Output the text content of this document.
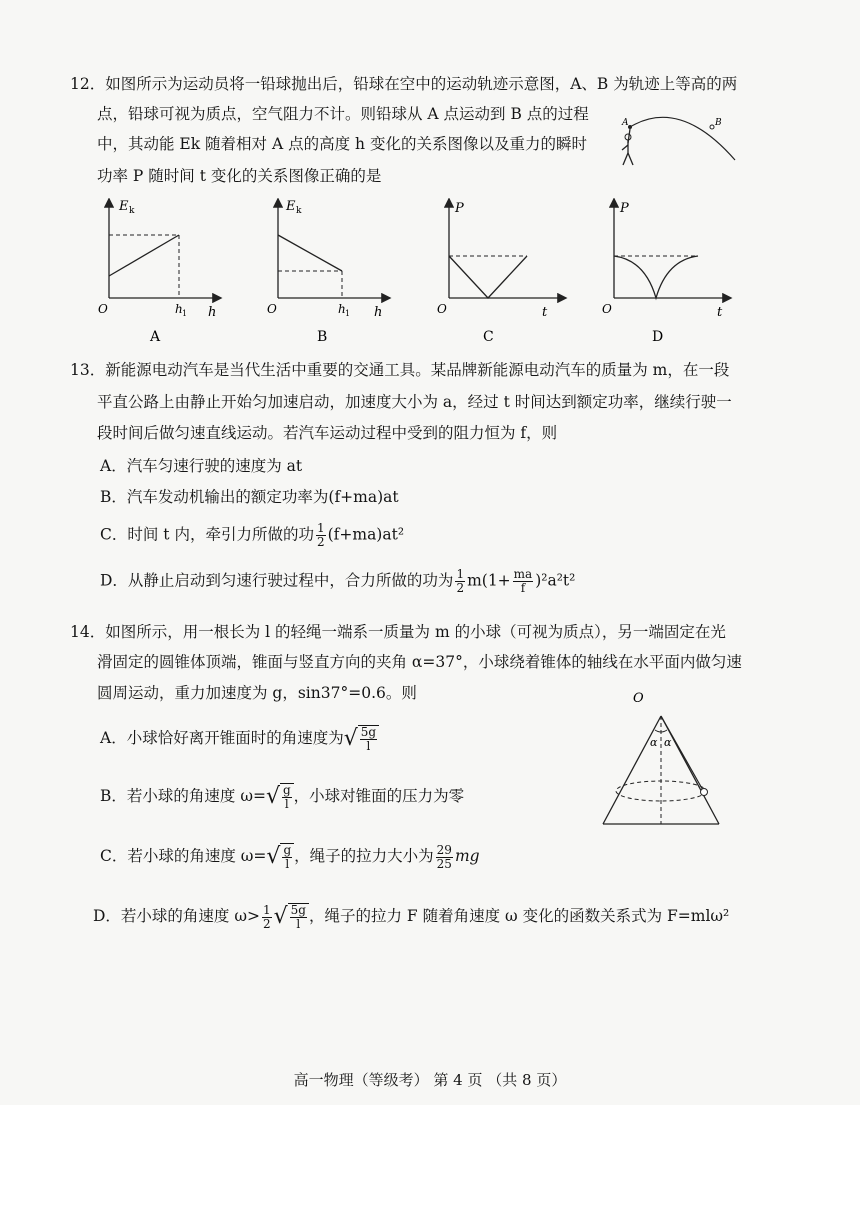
12．如图所示为运动员将一铅球抛出后，铅球在空中的运动轨迹示意图，A、B 为轨迹上等高的两
点，铅球可视为质点，空气阻力不计。则铅球从 A 点运动到 B 点的过程
中，其动能 Ek 随着相对 A 点的高度 h 变化的关系图像以及重力的瞬时
功率 P 随时间 t 变化的关系图像正确的是
A	B
E k
O	h 1 h
A
E k
O	h 1 h
B
P
O	t
C
P
O	t
D
13．新能源电动汽车是当代生活中重要的交通工具。某品牌新能源电动汽车的质量为 m，在一段
平直公路上由静止开始匀加速启动，加速度大小为 a，经过 t 时间达到额定功率，继续行驶一
段时间后做匀速直线运动。若汽车运动过程中受到的阻力恒为 f，则
A．汽车匀速行驶的速度为 at
B．汽车发动机输出的额定功率为(f+ma)at
C．时间 t 内，牵引力所做的功 $\frac{1}{2} (f+ma)at^2$
D．从静止启动到匀速行驶过程中，合力所做的功为 $\frac{1}{2} m(1+ \frac{ma}{f} )^2a^2t^2$
14．如图所示，用一根长为 l 的轻绳一端系一质量为 m 的小球（可视为质点），另一端固定在光
滑固定的圆锥体顶端，锥面与竖直方向的夹角 α=37°，小球绕着锥体的轴线在水平面内做匀速
圆周运动，重力加速度为 g，sin37°=0.6。则
A．小球恰好离开锥面时的角速度为√ $\frac{5g}{l}$
B．若小球的角速度 $\omega=√ \frac{g}{l}$ ，小球对锥面的压力为零
C．若小球的角速度 $\omega=√ \frac{g}{l}$ ，绳子的拉力大小为 $\frac{29}{25}$ mg
D．若小球的角速度 $\omega> \frac{1}{2}$ √ $\frac{5g}{l}$ ，绳子的拉力 F 随着角速度 ω 变化的函数关系式为 F=mlω²
O
α α
高一物理（等级考） 第 4 页 （共 8 页）
